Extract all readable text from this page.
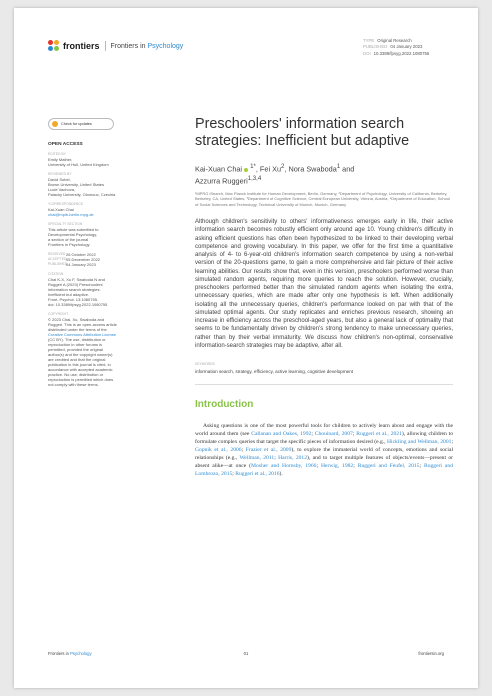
frontiers Frontiers in Psychology
TYPE Original Research
PUBLISHED 04 January 2023
DOI 10.3389/fpsyg.2022.1080755
Check for updates
OPEN ACCESS
EDITED BY
Emily Mather,
University of Hull, United Kingdom
REVIEWED BY
David Sobel,
Brown University, United States
Lucie Vachova,
Palacky University, Olomouc, Czechia
*CORRESPONDENCE
Kai-Xuan Chai
chai@mpib-berlin.mpg.de
SPECIALTY SECTION
This article was submitted to
Developmental Psychology,
a section of the journal
Frontiers in Psychology
RECEIVED 26 October 2022
ACCEPTED 05 December 2022
PUBLISHED
04 January 2023
CITATION
Chai K-X, Xu F, Swaboda N and
Ruggeri A (2023) Preschoolers'
information search strategies:
Inefficient but adaptive.
Front. Psychol. 13:1080755.
doi: 10.3389/fpsyg.2022.1080755
COPYRIGHT
© 2023 Chai, Xu, Swaboda and
Ruggeri. This is an open-access article
distributed under the terms of the
Creative Commons Attribution License
(CC BY). The use, distribution or
reproduction in other forums is
permitted, provided the original
author(s) and the copyright owner(s)
are credited and that the original
publication in this journal is cited, in
accordance with accepted academic
practice. No use, distribution or
reproduction is permitted which does
not comply with these terms.
Preschoolers' information search strategies: Inefficient but adaptive
Kai-Xuan Chai $^{1*}$, Fei Xu$^2$, Nora Swaboda$^1$ and
Azzurra Ruggeri$^{1,3,4}$

¹MPRG iSearch, Max Planck Institute for Human Development, Berlin, Germany, ²Department of Psychology, University of California, Berkeley, Berkeley, CA, United States, ³Department of Cognitive Science, Central European University, Vienna, Austria, ⁴Department of Education, School of Social Sciences and Technology, Technical University of Munich, Munich, Germany

Although children's sensitivity to others' informativeness emerges early in life, their active information search becomes robustly efficient only around age 10. Young children's difficulty in asking efficient questions has often been hypothesized to be linked to their developing verbal competence and growing vocabulary. In this paper, we offer for the first time a quantitative analysis of 4- to 6-year-old children's information search competence by using a non-verbal version of the 20-questions game, to gain a more comprehensive and fair picture of their active learning abilities. Our results show that, even in this version, preschoolers performed worse than simulated random agents, requiring more queries to reach the solution. However, crucially, preschoolers performed better than the simulated random agents when isolating the extra, unnecessary queries, which are made after only one hypothesis is left. When additionally isolating all the unnecessary queries, children's performance looked on par with that of the simulated optimal agents. Our study replicates and enriches previous research, showing an increase in efficiency across the preschool-aged years, but also a general lack of optimality that seems to be fundamentally driven by children's strong tendency to make unnecessary queries, rather than by their verbal immaturity. We discuss how children's non-optimal, conservative information-search strategies may be adaptive, after all.

KEYWORDS
information search, strategy, efficiency, active learning, cognitive development
Introduction

Asking questions is one of the most powerful tools for children to actively learn about and engage with the world around them (see Callanan and Oakes, 1992; Chouinard, 2007; Ruggeri et al., 2021), allowing children to formulate complex queries that target the specific pieces of information desired (e.g., Hickling and Wellman, 2001; Gopnik et al., 2006; Frazier et al., 2009), to explore the immaterial world of concepts, emotions and social relationships (e.g., Wellman, 2011; Harris, 2012), and to target multiple features of objects/events—present or absent alike—at once (Mosher and Hornsby, 1966; Herwig, 1982; Ruggeri and Feufel, 2015; Ruggeri and Lombrozo, 2015; Ruggeri et al., 2016).

Frontiers in Psychology	01	frontiersin.org
